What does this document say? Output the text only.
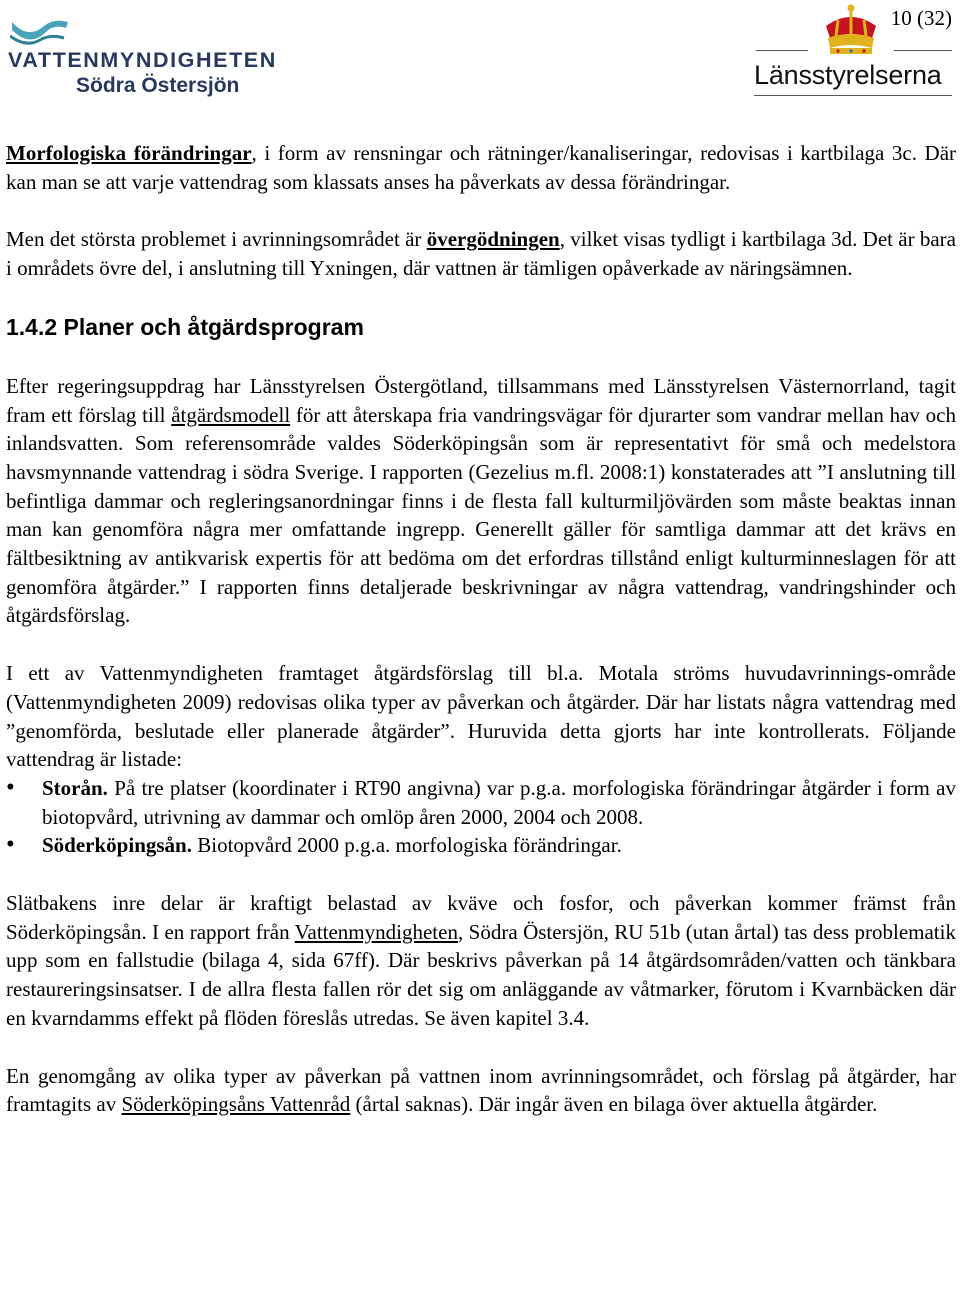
VATTENMYNDIGHETEN
Södra Östersjön
10 (32)
Länsstyrelserna

Morfologiska förändringar, i form av rensningar och rätninger/kanaliseringar, redovisas i kartbilaga 3c. Där kan man se att varje vattendrag som klassats anses ha påverkats av dessa förändringar.

Men det största problemet i avrinningsområdet är övergödningen, vilket visas tydligt i kartbilaga 3d. Det är bara i områdets övre del, i anslutning till Yxningen, där vattnen är tämligen opåverkade av näringsämnen.

1.4.2 Planer och åtgärdsprogram

Efter regeringsuppdrag har Länsstyrelsen Östergötland, tillsammans med Länsstyrelsen Västernorrland, tagit fram ett förslag till åtgärdsmodell för att återskapa fria vandringsvägar för djurarter som vandrar mellan hav och inlandsvatten. Som referensområde valdes Söderköpingsån som är representativt för små och medelstora havsmynnande vattendrag i södra Sverige. I rapporten (Gezelius m.fl. 2008:1) konstaterades att ”I anslutning till befintliga dammar och regleringsanordningar finns i de flesta fall kulturmiljövärden som måste beaktas innan man kan genomföra några mer omfattande ingrepp. Generellt gäller för samtliga dammar att det krävs en fältbesiktning av antikvarisk expertis för att bedöma om det erfordras tillstånd enligt kulturminneslagen för att genomföra åtgärder.” I rapporten finns detaljerade beskrivningar av några vattendrag, vandringshinder och åtgärdsförslag.

I ett av Vattenmyndigheten framtaget åtgärdsförslag till bl.a. Motala ströms huvudavrinnings-område (Vattenmyndigheten 2009) redovisas olika typer av påverkan och åtgärder. Där har listats några vattendrag med ”genomförda, beslutade eller planerade åtgärder”. Huruvida detta gjorts har inte kontrollerats. Följande vattendrag är listade:

• Storån. På tre platser (koordinater i RT90 angivna) var p.g.a. morfologiska förändringar åtgärder i form av biotopvård, utrivning av dammar och omlöp åren 2000, 2004 och 2008.
• Söderköpingsån. Biotopvård 2000 p.g.a. morfologiska förändringar.

Slätbakens inre delar är kraftigt belastad av kväve och fosfor, och påverkan kommer främst från Söderköpingsån. I en rapport från Vattenmyndigheten, Södra Östersjön, RU 51b (utan årtal) tas dess problematik upp som en fallstudie (bilaga 4, sida 67ff). Där beskrivs påverkan på 14 åtgärdsområden/vatten och tänkbara restaureringsinsatser. I de allra flesta fallen rör det sig om anläggande av våtmarker, förutom i Kvarnbäcken där en kvarndamms effekt på flöden föreslås utredas. Se även kapitel 3.4.

En genomgång av olika typer av påverkan på vattnen inom avrinningsområdet, och förslag på åtgärder, har framtagits av Söderköpingsåns Vattenråd (årtal saknas). Där ingår även en bilaga över aktuella åtgärder.
